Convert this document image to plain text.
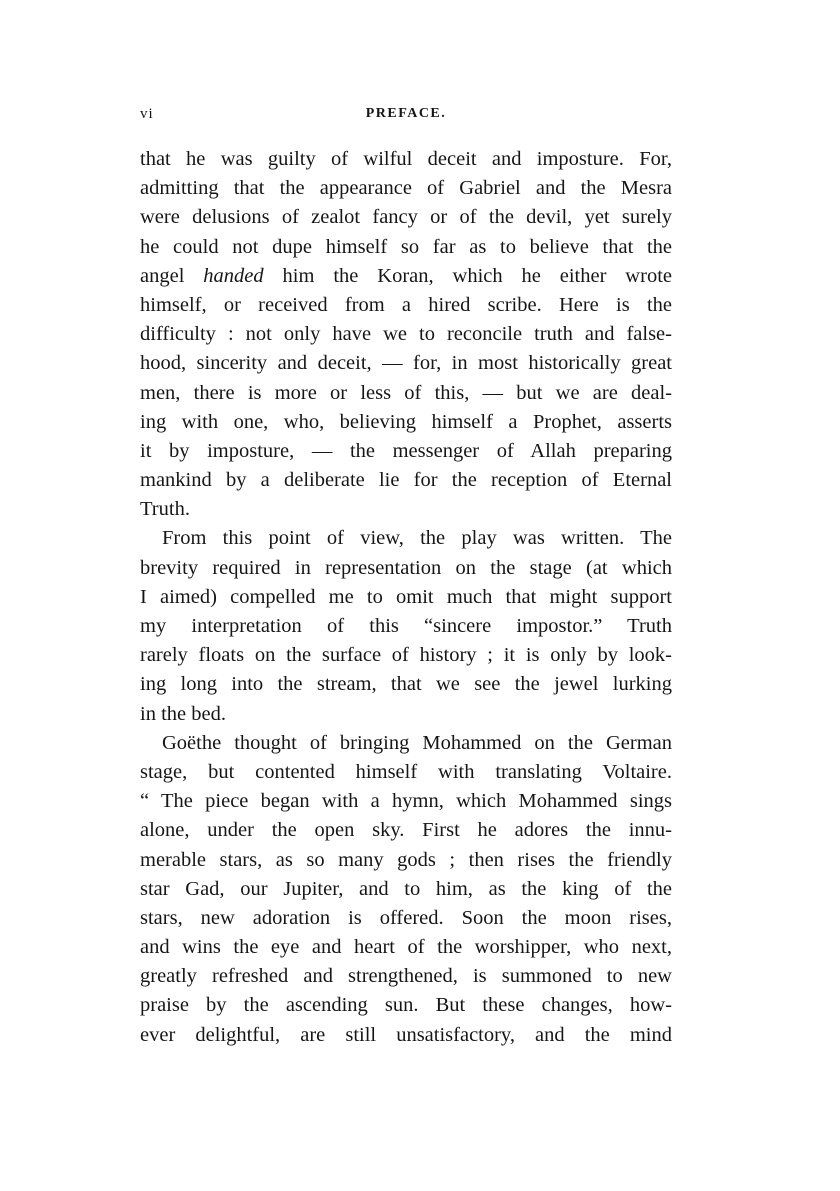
vi	PREFACE.
that he was guilty of wilful deceit and imposture. For,
admitting that the appearance of Gabriel and the Mesra
were delusions of zealot fancy or of the devil, yet surely
he could not dupe himself so far as to believe that the
angel handed him the Koran, which he either wrote
himself, or received from a hired scribe. Here is the
difficulty : not only have we to reconcile truth and false-
hood, sincerity and deceit, — for, in most historically great
men, there is more or less of this, — but we are deal-
ing with one, who, believing himself a Prophet, asserts
it by imposture, — the messenger of Allah preparing
mankind by a deliberate lie for the reception of Eternal
Truth.
From this point of view, the play was written. The
brevity required in representation on the stage (at which
I aimed) compelled me to omit much that might support
my interpretation of this “sincere impostor.” Truth
rarely floats on the surface of history ; it is only by look-
ing long into the stream, that we see the jewel lurking
in the bed.
Goëthe thought of bringing Mohammed on the German
stage, but contented himself with translating Voltaire.
“ The piece began with a hymn, which Mohammed sings
alone, under the open sky. First he adores the innu-
merable stars, as so many gods ; then rises the friendly
star Gad, our Jupiter, and to him, as the king of the
stars, new adoration is offered. Soon the moon rises,
and wins the eye and heart of the worshipper, who next,
greatly refreshed and strengthened, is summoned to new
praise by the ascending sun. But these changes, how-
ever delightful, are still unsatisfactory, and the mind
